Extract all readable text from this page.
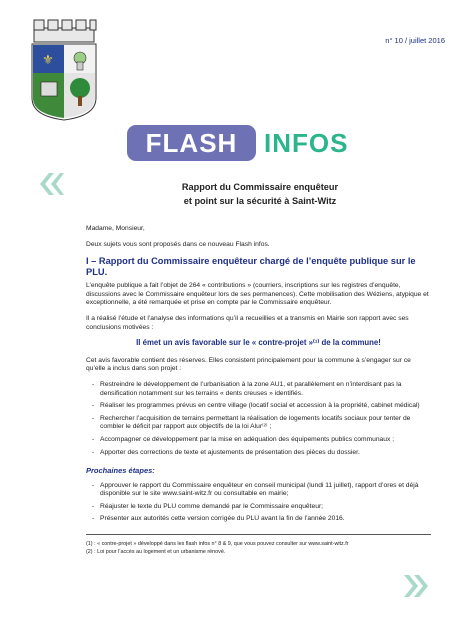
⚜
n° 10 / juillet 2016
FLASH	INFOS
Rapport du Commissaire enquêteur
et point sur la sécurité à Saint-Witz

Madame, Monsieur,

Deux sujets vous sont proposés dans ce nouveau Flash infos.

I – Rapport du Commissaire enquêteur chargé de l’enquête publique sur le PLU.

L’enquête publique a fait l’objet de 264 « contributions » (courriers, inscriptions sur les registres d’enquête, discussions avec le Commissaire enquêteur lors de ses permanences). Cette mobilisation des Wéziens, atypique et exceptionnelle, a été remarquée et prise en compte par le Commissaire enquêteur.

Il a réalisé l’étude et l’analyse des informations qu’il a recueillies et a transmis en Mairie son rapport avec ses conclusions motivées :

Il émet un avis favorable sur le « contre-projet »⁽¹⁾ de la commune!

Cet avis favorable contient des réserves. Elles consistent principalement pour la commune à s’engager sur ce qu’elle a inclus dans son projet :

- Restreindre le développement de l’urbanisation à la zone AU1, et parallèlement en n’interdisant pas la densification notamment sur les terrains « dents creuses » identifiés.
- Réaliser les programmes prévus en centre village (locatif social et accession à la propriété, cabinet médical)
- Rechercher l’acquisition de terrains permettant la réalisation de logements locatifs sociaux pour tenter de combler le déficit par rapport aux objectifs de la loi Alur⁽²⁾ ;
- Accompagner ce développement par la mise en adéquation des équipements publics communaux ;
- Apporter des corrections de texte et ajustements de présentation des pièces du dossier.
Prochaines étapes:
- Approuver le rapport du Commissaire enquêteur en conseil municipal (lundi 11 juillet), rapport d’ores et déjà disponible sur le site www.saint-witz.fr ou consultable en mairie;
- Réajuster le texte du PLU comme demandé par le Commissaire enquêteur;
- Présenter aux autorités cette version corrigée du PLU avant la fin de l’année 2016.
(1) : « contre-projet » développé dans les flash infos n° 8 & 9, que vous pouvez consulter sur www.saint-witz.fr
(2) : Loi pour l’accès au logement et un urbanisme rénové.
